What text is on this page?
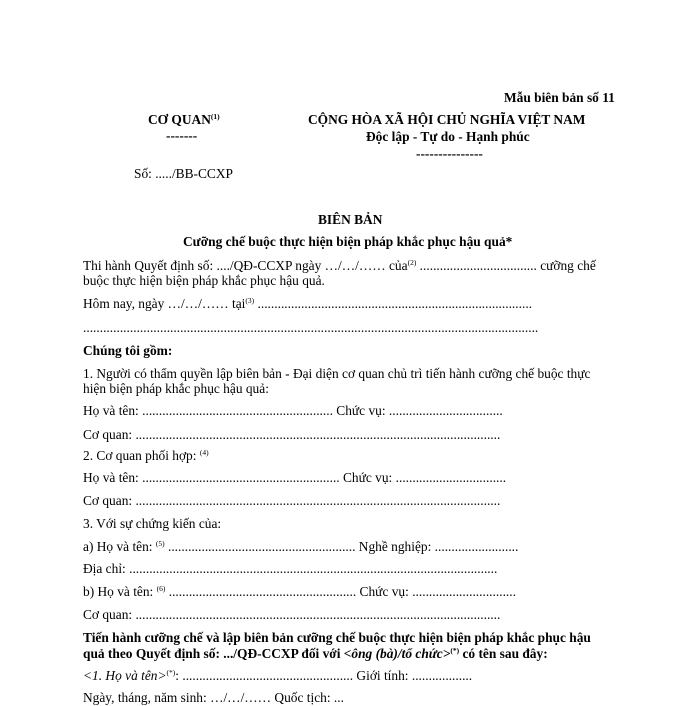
Mẫu biên bản số 11
CƠ QUAN$^{(1)}$
-------
CỘNG HÒA XÃ HỘI CHỦ NGHĨA VIỆT NAM
Độc lập - Tự do - Hạnh phúc
---------------
Số: ...../BB-CCXP
BIÊN BẢN
Cưỡng chế buộc thực hiện biện pháp khắc phục hậu quả*
Thi hành Quyết định số: ..../QĐ-CCXP ngày …/…/…… của$^{(2)}$ ................................... cưỡng chế
buộc thực hiện biện pháp khắc phục hậu quả.
Hôm nay, ngày …/…/…… tại$^{(3)}$ ..................................................................................
........................................................................................................................................
Chúng tôi gồm:
1. Người có thẩm quyền lập biên bản - Đại diện cơ quan chủ trì tiến hành cưỡng chế buộc thực
hiện biện pháp khắc phục hậu quả:
Họ và tên: ......................................................... Chức vụ: ..................................
Cơ quan: .............................................................................................................
2. Cơ quan phối hợp: $^{(4)}$
Họ và tên: ........................................................... Chức vụ: .................................
Cơ quan: .............................................................................................................
3. Với sự chứng kiến của:
a) Họ và tên: $^{(5)}$ ........................................................ Nghề nghiệp: .........................
Địa chỉ: ..............................................................................................................
b) Họ và tên: $^{(6)}$ ........................................................ Chức vụ: ...............................
Cơ quan: .............................................................................................................
Tiến hành cưỡng chế và lập biên bản cưỡng chế buộc thực hiện biện pháp khắc phục hậu
quả theo Quyết định số: .../QĐ-CCXP đối với <ông (bà)/tổ chức>(*) có tên sau đây:
<1. Họ và tên>(*): ................................................... Giới tính: ..................
Ngày, tháng, năm sinh: …/…/…… Quốc tịch: ...
